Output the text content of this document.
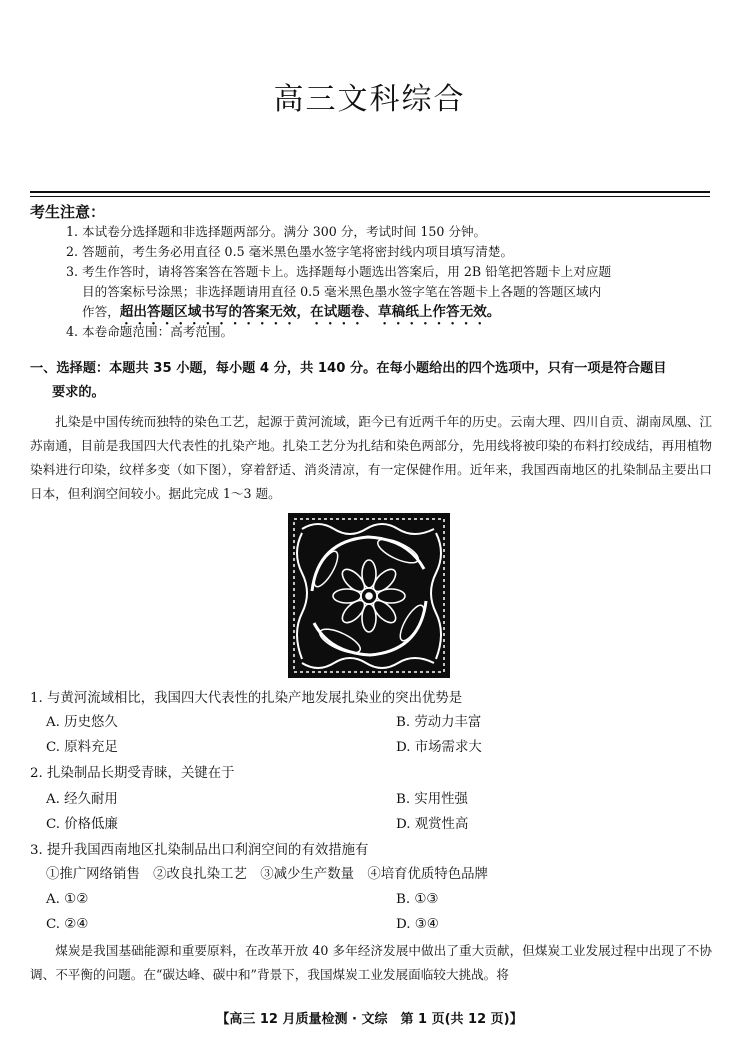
高三文科综合
考生注意：
1. 本试卷分选择题和非选择题两部分。满分 300 分，考试时间 150 分钟。
2. 答题前，考生务必用直径 0.5 毫米黑色墨水签字笔将密封线内项目填写清楚。
3. 考生作答时，请将答案答在答题卡上。选择题每小题选出答案后，用 2B 铅笔把答题卡上对应题
目的答案标号涂黑；非选择题请用直径 0.5 毫米黑色墨水签字笔在答题卡上各题的答题区域内
作答，超出答题区域书写的答案无效，在试题卷、草稿纸上作答无效。
4. 本卷命题范围：高考范围。
一、选择题：本题共 35 小题，每小题 4 分，共 140 分。在每小题给出的四个选项中，只有一项是符合题目
要求的。
扎染是中国传统而独特的染色工艺，起源于黄河流域，距今已有近两千年的历史。云南大理、四川自贡、湖南凤凰、江苏南通，目前是我国四大代表性的扎染产地。扎染工艺分为扎结和染色两部分，先用线将被印染的布料打绞成结，再用植物染料进行印染，纹样多变（如下图），穿着舒适、消炎清凉，有一定保健作用。近年来，我国西南地区的扎染制品主要出口日本，但利润空间较小。据此完成 1～3 题。
1. 与黄河流域相比，我国四大代表性的扎染产地发展扎染业的突出优势是
A. 历史悠久	B. 劳动力丰富
C. 原料充足	D. 市场需求大
2. 扎染制品长期受青睐，关键在于
A. 经久耐用	B. 实用性强
C. 价格低廉	D. 观赏性高
3. 提升我国西南地区扎染制品出口利润空间的有效措施有
①推广网络销售　②改良扎染工艺　③减少生产数量　④培育优质特色品牌
A. ①②	B. ①③
C. ②④	D. ③④
煤炭是我国基础能源和重要原料，在改革开放 40 多年经济发展中做出了重大贡献，但煤炭工业发展过程中出现了不协调、不平衡的问题。在“碳达峰、碳中和”背景下，我国煤炭工业发展面临较大挑战。将
【高三 12 月质量检测 · 文综　第 1 页(共 12 页)】
